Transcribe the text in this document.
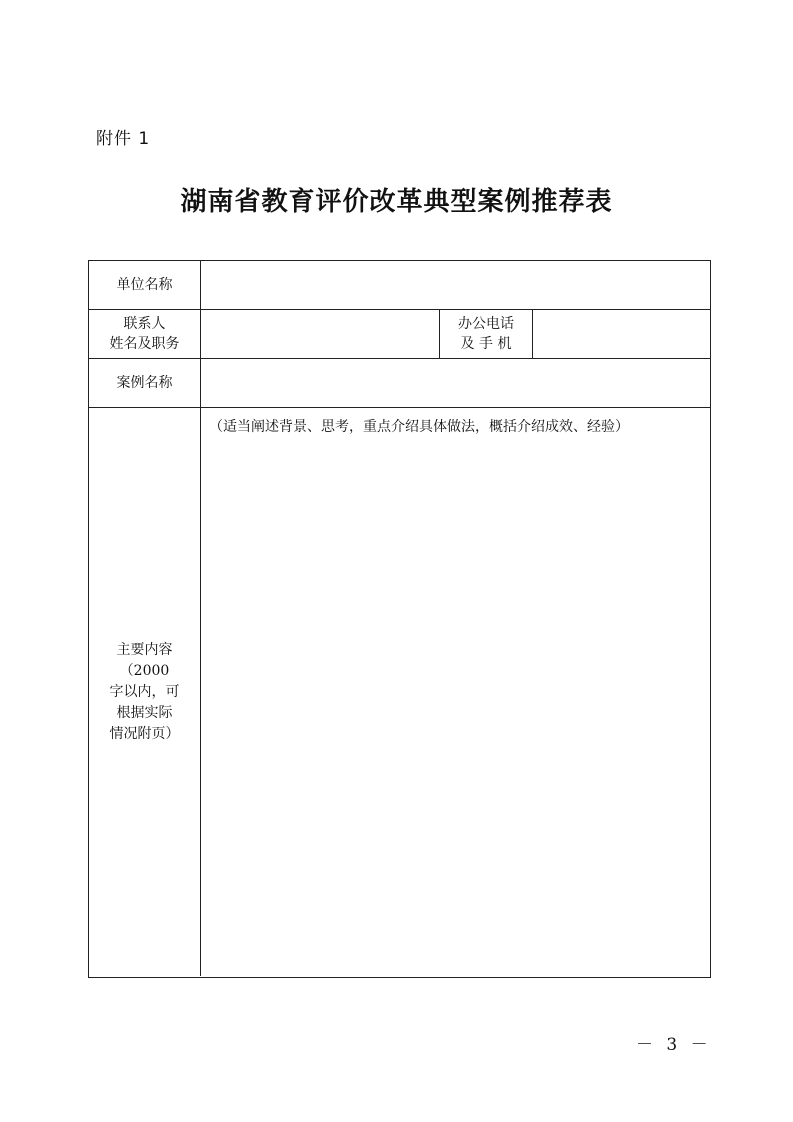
附件 1
湖南省教育评价改革典型案例推荐表
单位名称
联系人
姓名及职务
办公电话
及 手 机
案例名称
主要内容
（2000
字以内，可
根据实际
情况附页）
（适当阐述背景、思考，重点介绍具体做法，概括介绍成效、经验）
－ 3 －
